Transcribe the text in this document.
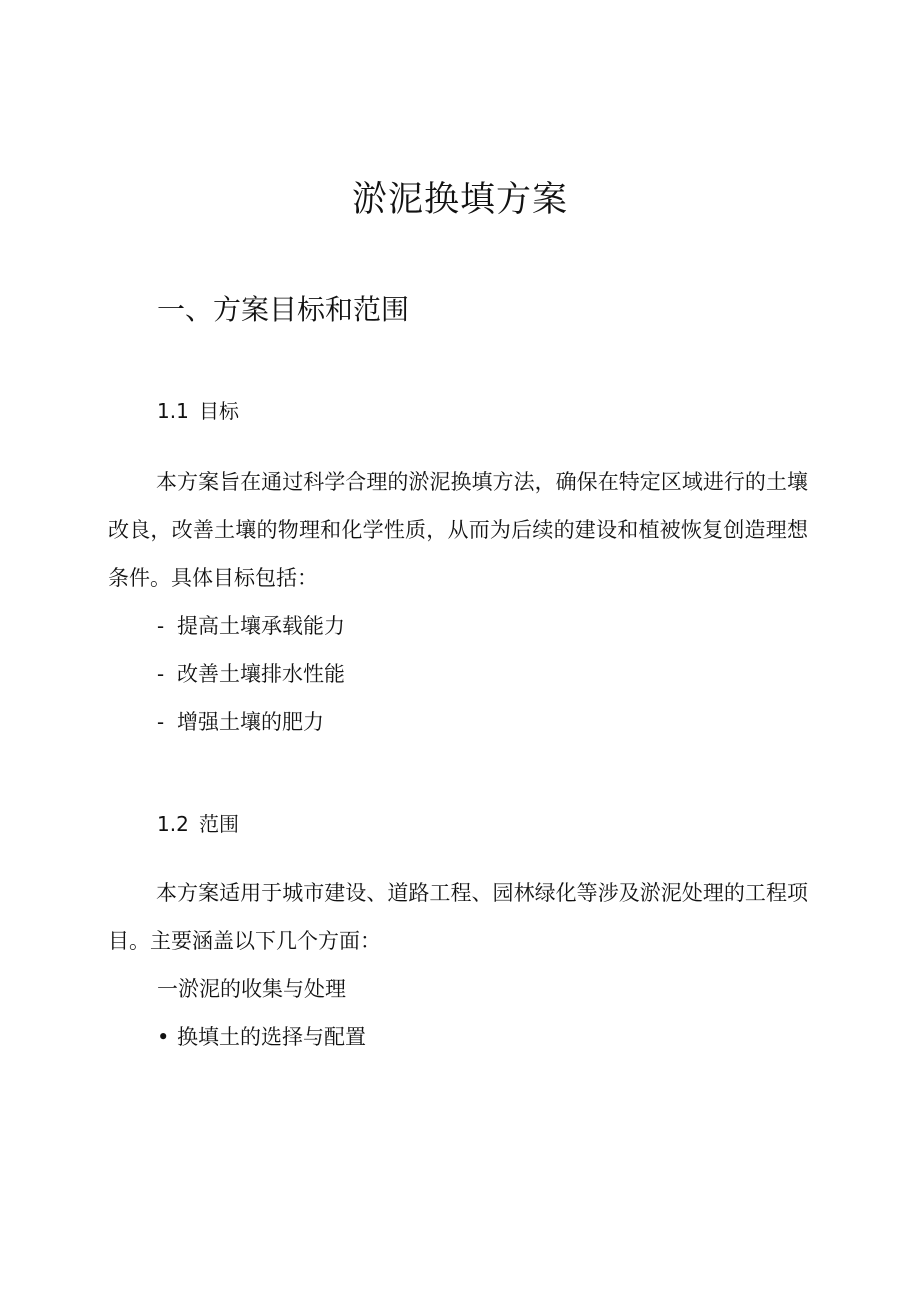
淤泥换填方案
一、方案目标和范围
1.1 目标

本方案旨在通过科学合理的淤泥换填方法，确保在特定区域进行的土壤改良，改善土壤的物理和化学性质，从而为后续的建设和植被恢复创造理想条件。具体目标包括：

- 提高土壤承载能力
- 改善土壤排水性能
- 增强土壤的肥力
1.2 范围

本方案适用于城市建设、道路工程、园林绿化等涉及淤泥处理的工程项目。主要涵盖以下几个方面：

一淤泥的收集与处理
• 换填土的选择与配置
